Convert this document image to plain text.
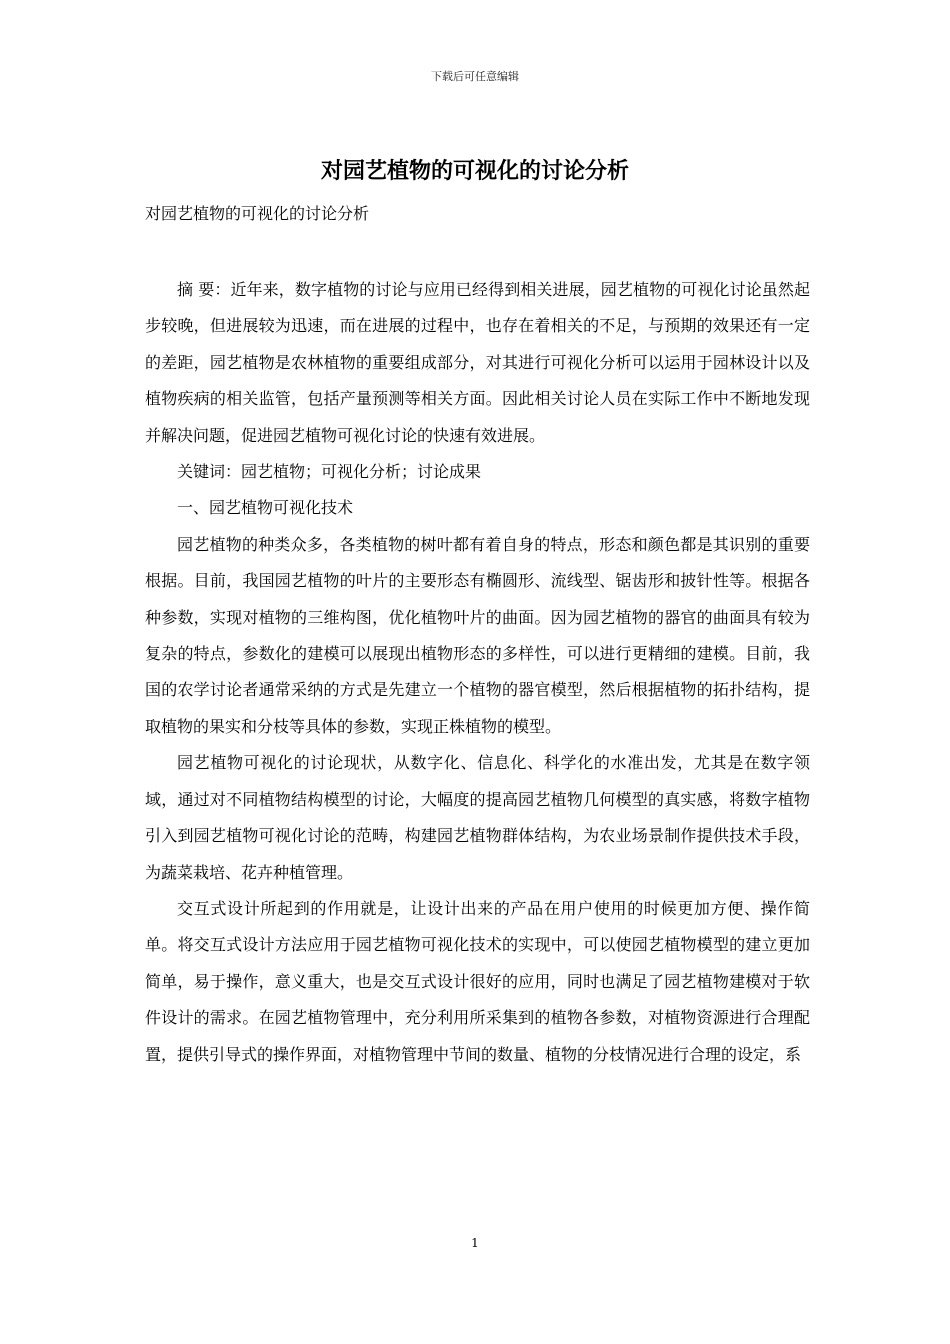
下载后可任意编辑
对园艺植物的可视化的讨论分析

对园艺植物的可视化的讨论分析

摘 要：近年来，数字植物的讨论与应用已经得到相关进展，园艺植物的可视化讨论虽然起步较晚，但进展较为迅速，而在进展的过程中，也存在着相关的不足，与预期的效果还有一定的差距，园艺植物是农林植物的重要组成部分，对其进行可视化分析可以运用于园林设计以及植物疾病的相关监管，包括产量预测等相关方面。因此相关讨论人员在实际工作中不断地发现并解决问题，促进园艺植物可视化讨论的快速有效进展。

关键词：园艺植物；可视化分析；讨论成果

一、园艺植物可视化技术

园艺植物的种类众多，各类植物的树叶都有着自身的特点，形态和颜色都是其识别的重要根据。目前，我国园艺植物的叶片的主要形态有椭圆形、流线型、锯齿形和披针性等。根据各种参数，实现对植物的三维构图，优化植物叶片的曲面。因为园艺植物的器官的曲面具有较为复杂的特点，参数化的建模可以展现出植物形态的多样性，可以进行更精细的建模。目前，我国的农学讨论者通常采纳的方式是先建立一个植物的器官模型，然后根据植物的拓扑结构，提取植物的果实和分枝等具体的参数，实现正株植物的模型。

园艺植物可视化的讨论现状，从数字化、信息化、科学化的水准出发，尤其是在数字领域，通过对不同植物结构模型的讨论，大幅度的提高园艺植物几何模型的真实感，将数字植物引入到园艺植物可视化讨论的范畴，构建园艺植物群体结构，为农业场景制作提供技术手段，为蔬菜栽培、花卉种植管理。

交互式设计所起到的作用就是，让设计出来的产品在用户使用的时候更加方便、操作简单。将交互式设计方法应用于园艺植物可视化技术的实现中，可以使园艺植物模型的建立更加简单，易于操作，意义重大，也是交互式设计很好的应用，同时也满足了园艺植物建模对于软件设计的需求。在园艺植物管理中，充分利用所采集到的植物各参数，对植物资源进行合理配置，提供引导式的操作界面，对植物管理中节间的数量、植物的分枝情况进行合理的设定，系

1
